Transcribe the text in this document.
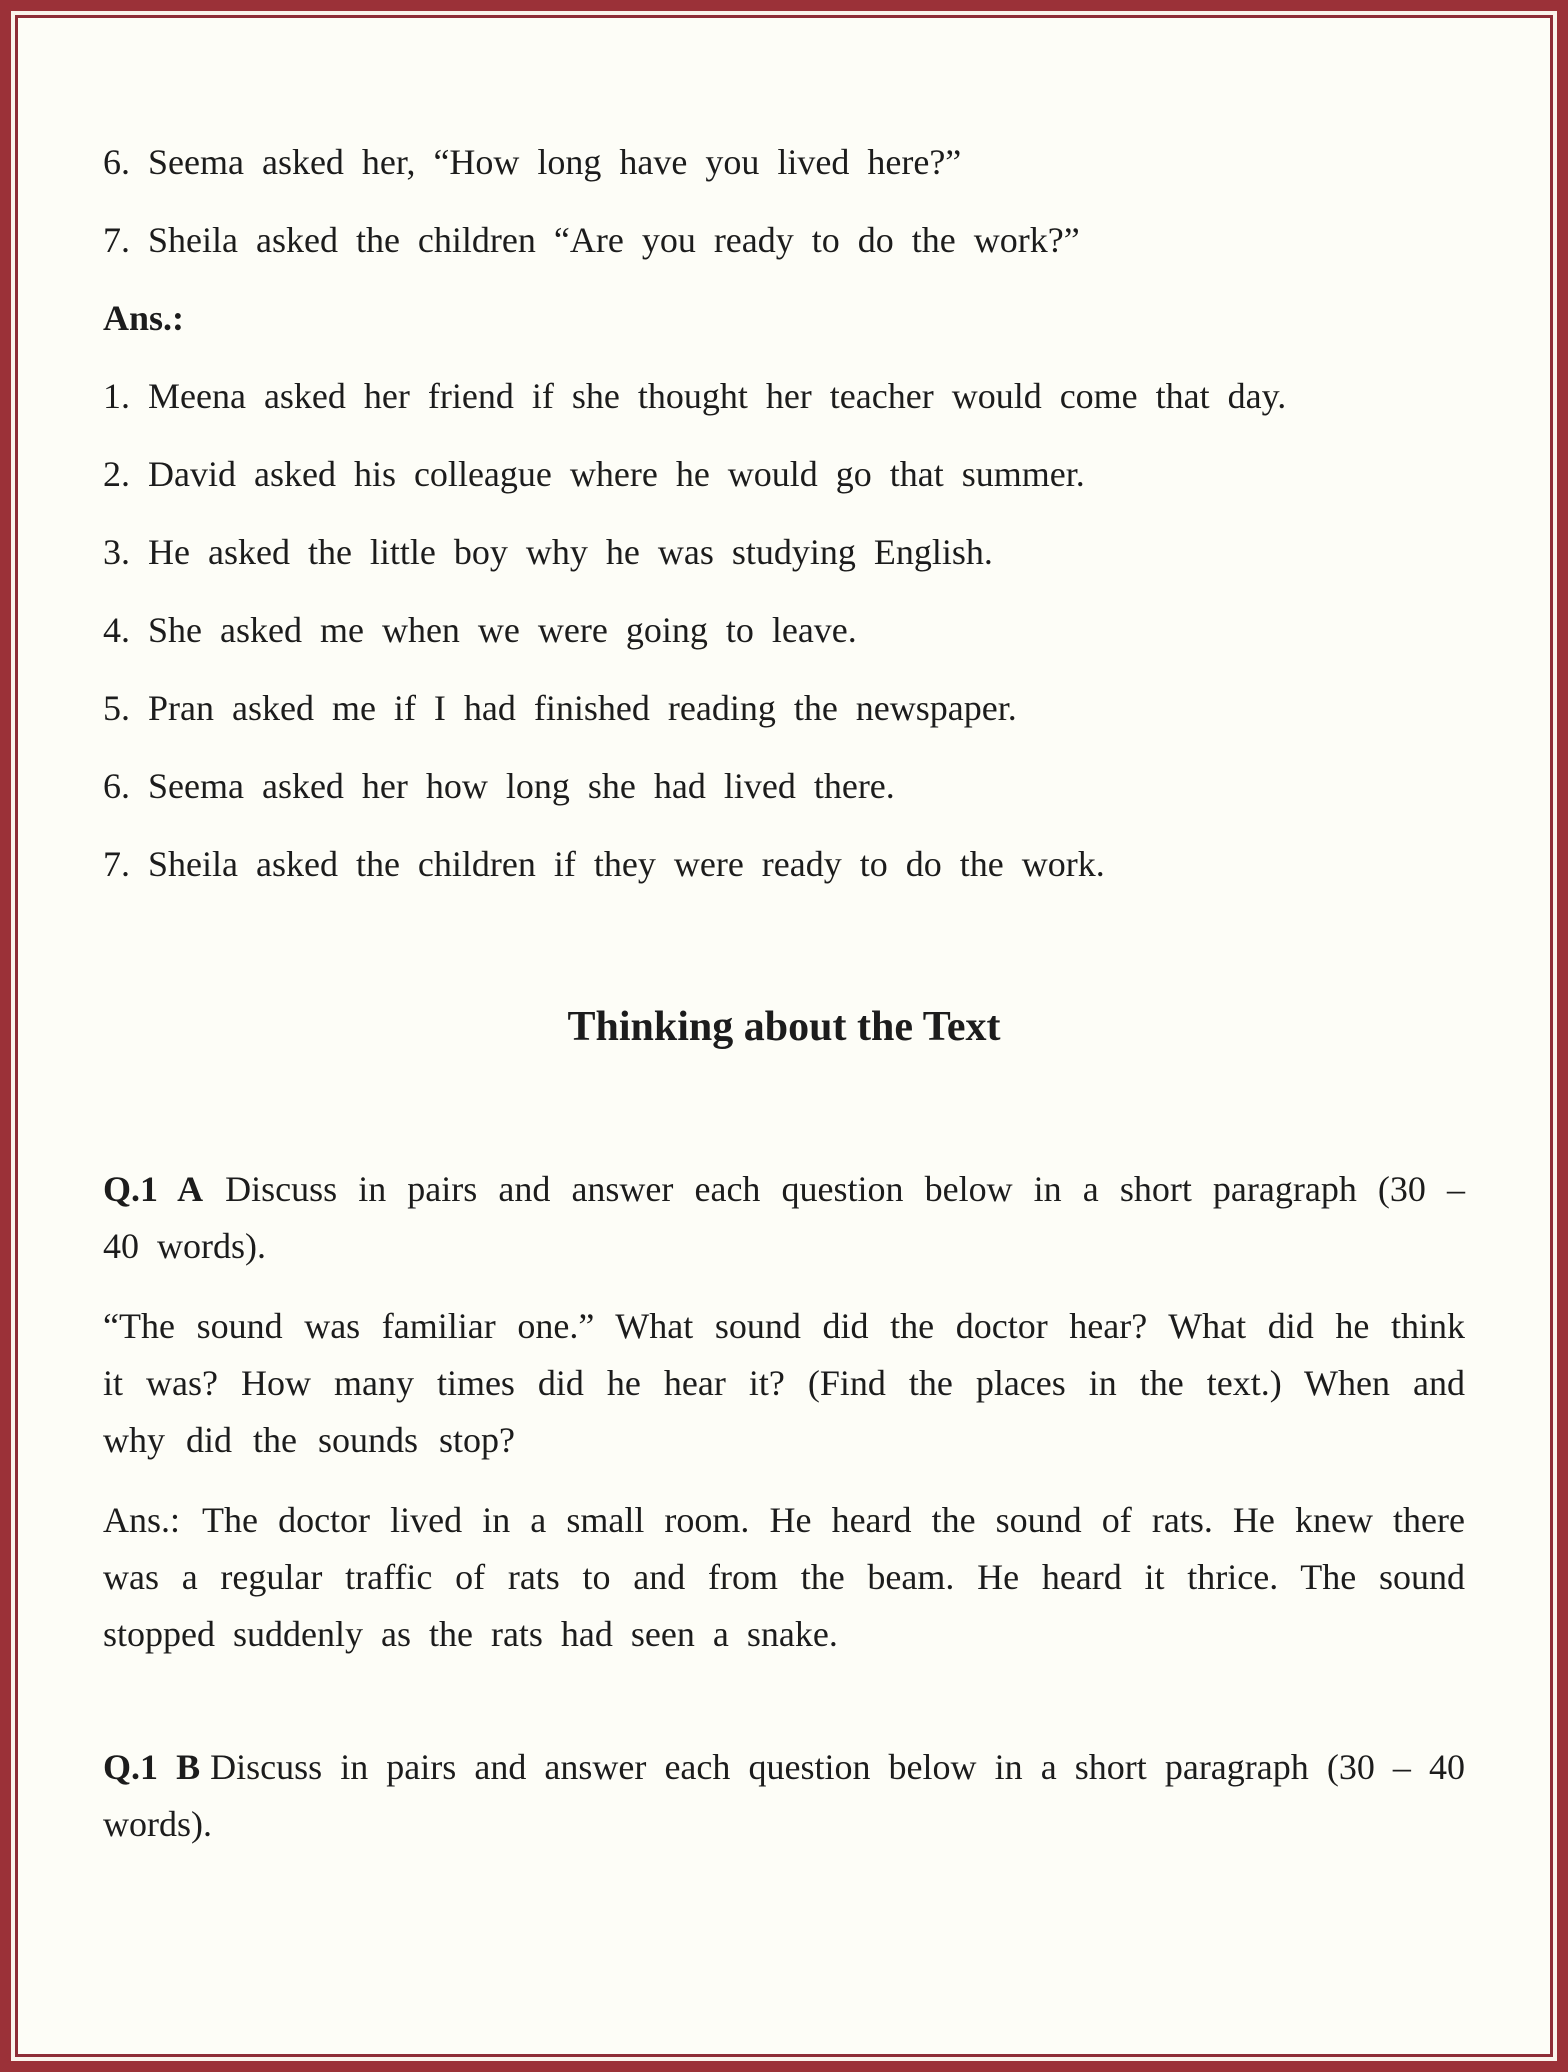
6. Seema asked her, “How long have you lived here?”

7. Sheila asked the children “Are you ready to do the work?”

Ans.:

1. Meena asked her friend if she thought her teacher would come that day.

2. David asked his colleague where he would go that summer.

3. He asked the little boy why he was studying English.

4. She asked me when we were going to leave.

5. Pran asked me if I had finished reading the newspaper.

6. Seema asked her how long she had lived there.

7. Sheila asked the children if they were ready to do the work.

Thinking about the Text

Q.1 A Discuss in pairs and answer each question below in a short paragraph (30 – 40 words).

“The sound was familiar one.” What sound did the doctor hear? What did he think it was? How many times did he hear it? (Find the places in the text.) When and why did the sounds stop?

Ans.: The doctor lived in a small room. He heard the sound of rats. He knew there was a regular traffic of rats to and from the beam. He heard it thrice. The sound stopped suddenly as the rats had seen a snake.

Q.1 B Discuss in pairs and answer each question below in a short paragraph (30 – 40 words).
